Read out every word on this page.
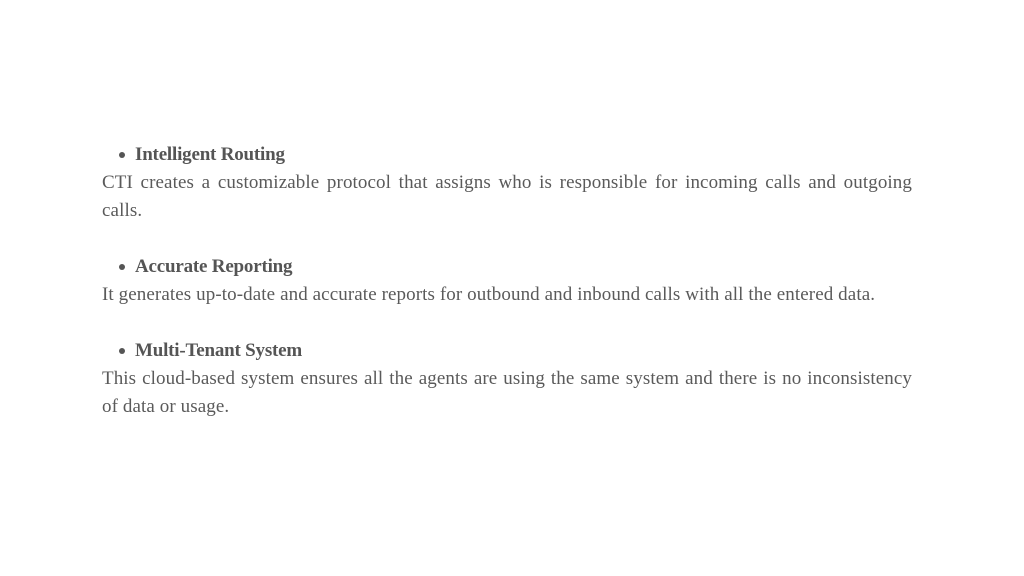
Intelligent Routing

CTI creates a customizable protocol that assigns who is responsible for incoming calls and outgoing calls.

Accurate Reporting

It generates up-to-date and accurate reports for outbound and inbound calls with all the entered data.

Multi-Tenant System

This cloud-based system ensures all the agents are using the same system and there is no inconsistency of data or usage.
